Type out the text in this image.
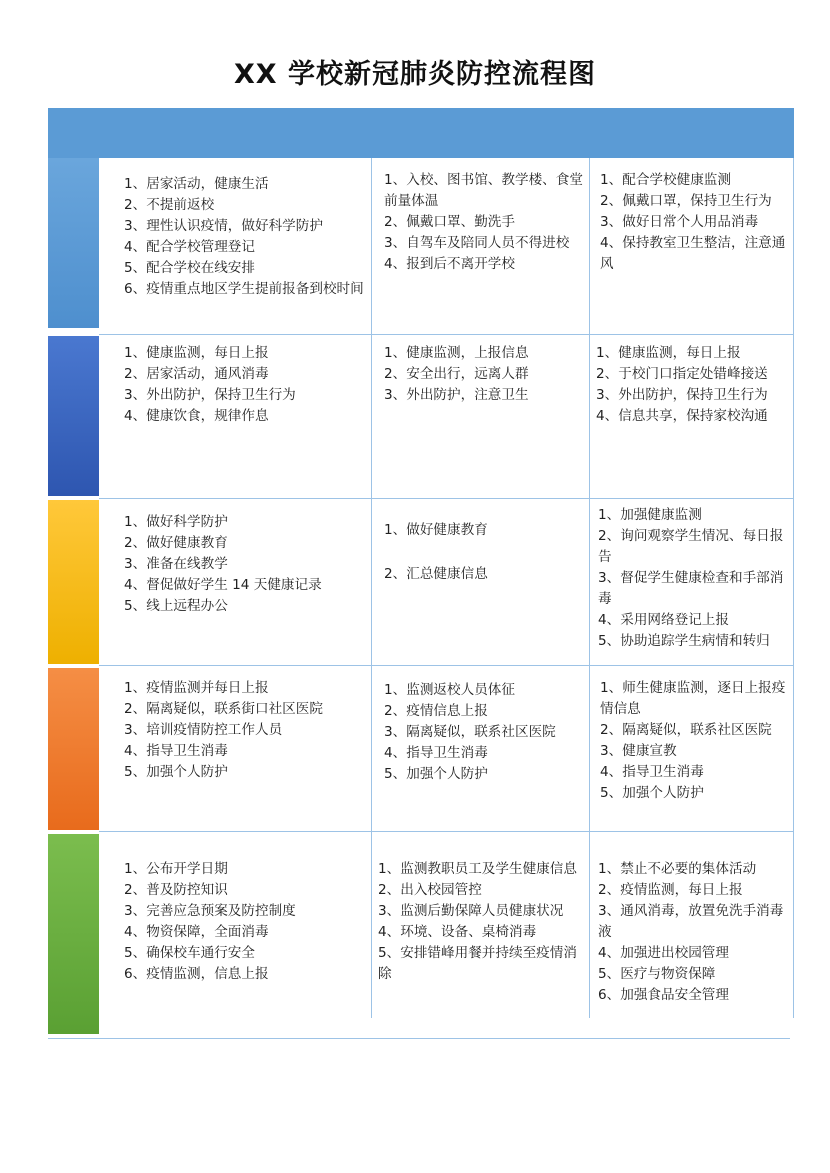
XX 学校新冠肺炎防控流程图
1、居家活动，健康生活
2、不提前返校
3、理性认识疫情，做好科学防护
4、配合学校管理登记
5、配合学校在线安排
6、疫情重点地区学生提前报备到校时间
1、入校、图书馆、教学楼、食堂前量体温
2、佩戴口罩、勤洗手
3、自驾车及陪同人员不得进校
4、报到后不离开学校
1、配合学校健康监测
2、佩戴口罩，保持卫生行为
3、做好日常个人用品消毒
4、保持教室卫生整洁，注意通风
1、健康监测，每日上报
2、居家活动，通风消毒
3、外出防护，保持卫生行为
4、健康饮食，规律作息
1、健康监测，上报信息
2、安全出行，远离人群
3、外出防护，注意卫生
1、健康监测，每日上报
2、于校门口指定处错峰接送
3、外出防护，保持卫生行为
4、信息共享，保持家校沟通
1、做好科学防护
2、做好健康教育
3、准备在线教学
4、督促做好学生 14 天健康记录
5、线上远程办公
1、做好健康教育
2、汇总健康信息
1、加强健康监测
2、询问观察学生情况、每日报告
3、督促学生健康检查和手部消毒
4、采用网络登记上报
5、协助追踪学生病情和转归
1、疫情监测并每日上报
2、隔离疑似，联系街口社区医院
3、培训疫情防控工作人员
4、指导卫生消毒
5、加强个人防护
1、监测返校人员体征
2、疫情信息上报
3、隔离疑似，联系社区医院
4、指导卫生消毒
5、加强个人防护
1、师生健康监测，逐日上报疫情信息
2、隔离疑似，联系社区医院
3、健康宣教
4、指导卫生消毒
5、加强个人防护
1、公布开学日期
2、普及防控知识
3、完善应急预案及防控制度
4、物资保障，全面消毒
5、确保校车通行安全
6、疫情监测，信息上报
1、监测教职员工及学生健康信息
2、出入校园管控
3、监测后勤保障人员健康状况
4、环境、设备、桌椅消毒
5、安排错峰用餐并持续至疫情消除
1、禁止不必要的集体活动
2、疫情监测，每日上报
3、通风消毒，放置免洗手消毒液
4、加强进出校园管理
5、医疗与物资保障
6、加强食品安全管理
